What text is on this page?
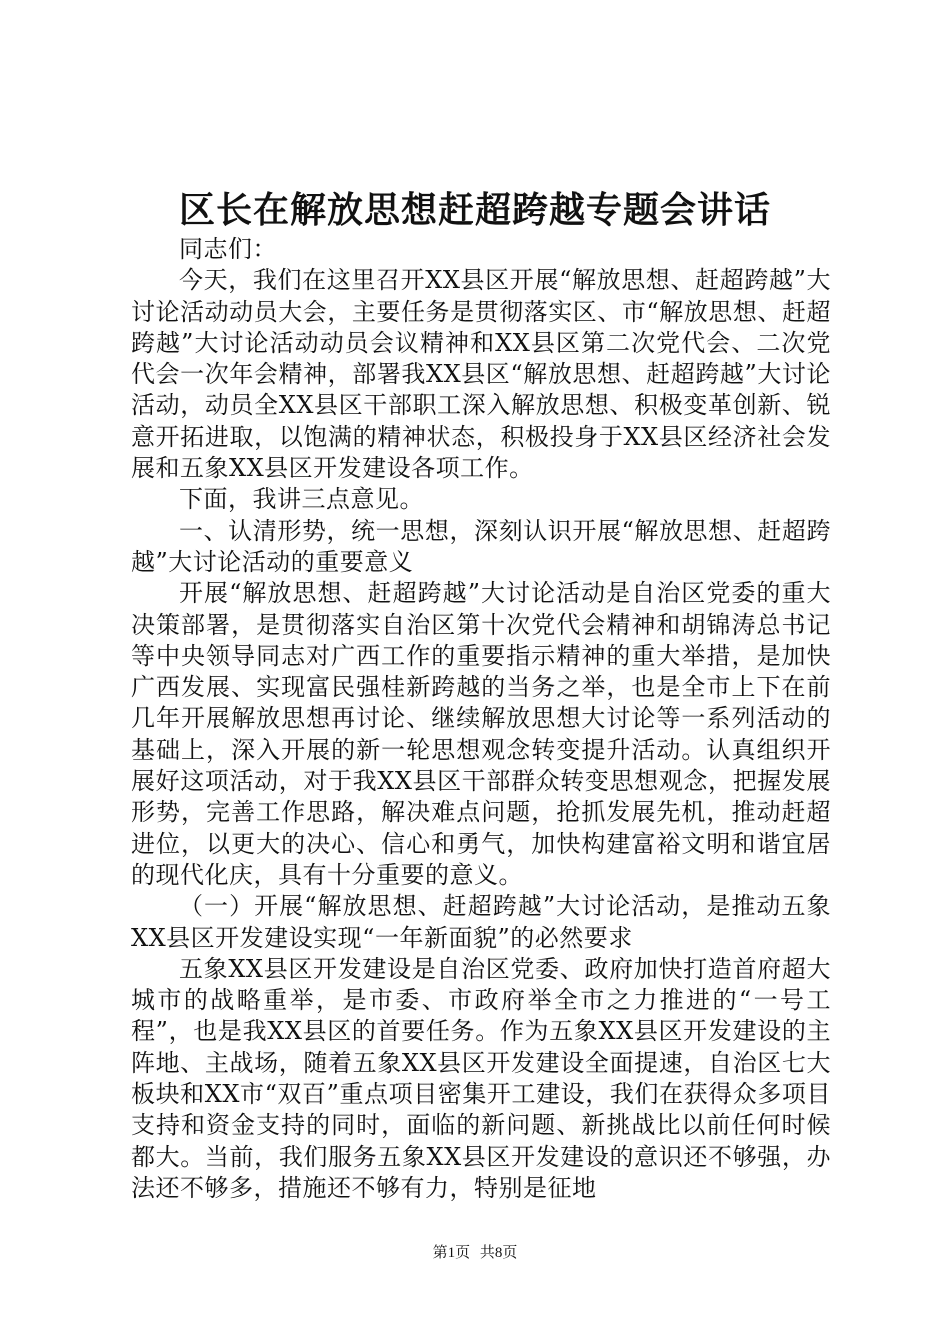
区长在解放思想赶超跨越专题会讲话

同志们：

今天，我们在这里召开XX县区开展“解放思想、赶超跨越”大讨论活动动员大会，主要任务是贯彻落实区、市“解放思想、赶超跨越”大讨论活动动员会议精神和XX县区第二次党代会、二次党代会一次年会精神，部署我XX县区“解放思想、赶超跨越”大讨论活动，动员全XX县区干部职工深入解放思想、积极变革创新、锐意开拓进取，以饱满的精神状态，积极投身于XX县区经济社会发展和五象XX县区开发建设各项工作。

下面，我讲三点意见。

一、认清形势，统一思想，深刻认识开展“解放思想、赶超跨越”大讨论活动的重要意义

开展“解放思想、赶超跨越”大讨论活动是自治区党委的重大决策部署，是贯彻落实自治区第十次党代会精神和胡锦涛总书记等中央领导同志对广西工作的重要指示精神的重大举措，是加快广西发展、实现富民强桂新跨越的当务之举，也是全市上下在前几年开展解放思想再讨论、继续解放思想大讨论等一系列活动的基础上，深入开展的新一轮思想观念转变提升活动。认真组织开展好这项活动，对于我XX县区干部群众转变思想观念，把握发展形势，完善工作思路，解决难点问题，抢抓发展先机，推动赶超进位，以更大的决心、信心和勇气，加快构建富裕文明和谐宜居的现代化庆，具有十分重要的意义。

（一）开展“解放思想、赶超跨越”大讨论活动，是推动五象XX县区开发建设实现“一年新面貌”的必然要求

五象XX县区开发建设是自治区党委、政府加快打造首府超大城市的战略重举，是市委、市政府举全市之力推进的“一号工程”，也是我XX县区的首要任务。作为五象XX县区开发建设的主阵地、主战场，随着五象XX县区开发建设全面提速，自治区七大板块和XX市“双百”重点项目密集开工建设，我们在获得众多项目支持和资金支持的同时，面临的新问题、新挑战比以前任何时候都大。当前，我们服务五象XX县区开发建设的意识还不够强，办法还不够多，措施还不够有力，特别是征地

第1页 共8页
